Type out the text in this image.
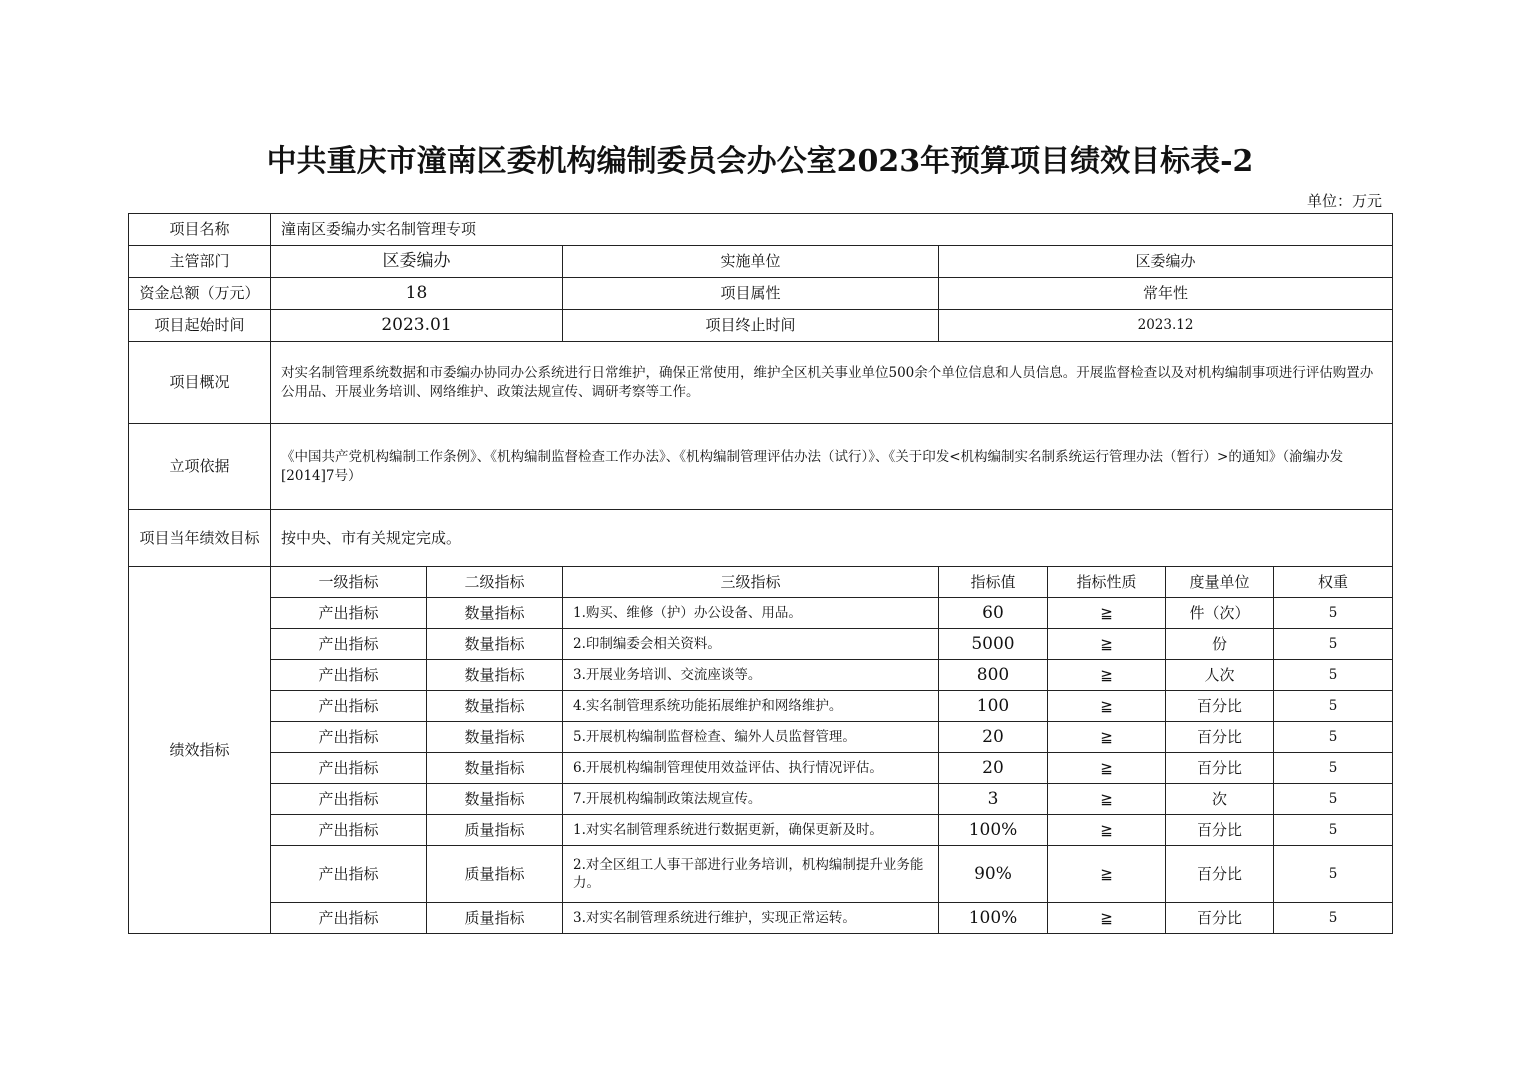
中共重庆市潼南区委机构编制委员会办公室2023年预算项目绩效目标表-2
单位：万元
项目名称	潼南区委编办实名制管理专项						
主管部门	区委编办		实施单位	区委编办			
资金总额（万元）	18		项目属性	常年性			
项目起始时间	2023.01		项目终止时间	2023.12			
项目概况	对实名制管理系统数据和市委编办协同办公系统进行日常维护，确保正常使用，维护全区机关事业单位500余个单位信息和人员信息。开展监督检查以及对机构编制事项进行评估购置办公用品、开展业务培训、网络维护、政策法规宣传、调研考察等工作。						
立项依据	《中国共产党机构编制工作条例》、《机构编制监督检查工作办法》、《机构编制管理评估办法（试行）》、《关于印发<机构编制实名制系统运行管理办法（暂行）>的通知》（渝编办发[2014]7号）						
项目当年绩效目标	按中央、市有关规定完成。						
绩效指标	一级指标	二级指标	三级指标	指标值	指标性质	度量单位	权重
	产出指标	数量指标	1.购买、维修（护）办公设备、用品。	60	≧	件（次）	5
	产出指标	数量指标	2.印制编委会相关资料。	5000	≧	份	5
	产出指标	数量指标	3.开展业务培训、交流座谈等。	800	≧	人次	5
	产出指标	数量指标	4.实名制管理系统功能拓展维护和网络维护。	100	≧	百分比	5
	产出指标	数量指标	5.开展机构编制监督检查、编外人员监督管理。	20	≧	百分比	5
	产出指标	数量指标	6.开展机构编制管理使用效益评估、执行情况评估。	20	≧	百分比	5
	产出指标	数量指标	7.开展机构编制政策法规宣传。	3	≧	次	5
	产出指标	质量指标	1.对实名制管理系统进行数据更新，确保更新及时。	100%	≧	百分比	5
	产出指标	质量指标	2.对全区组工人事干部进行业务培训，机构编制提升业务能力。	90%	≧	百分比	5
	产出指标	质量指标	3.对实名制管理系统进行维护，实现正常运转。	100%	≧	百分比	5
